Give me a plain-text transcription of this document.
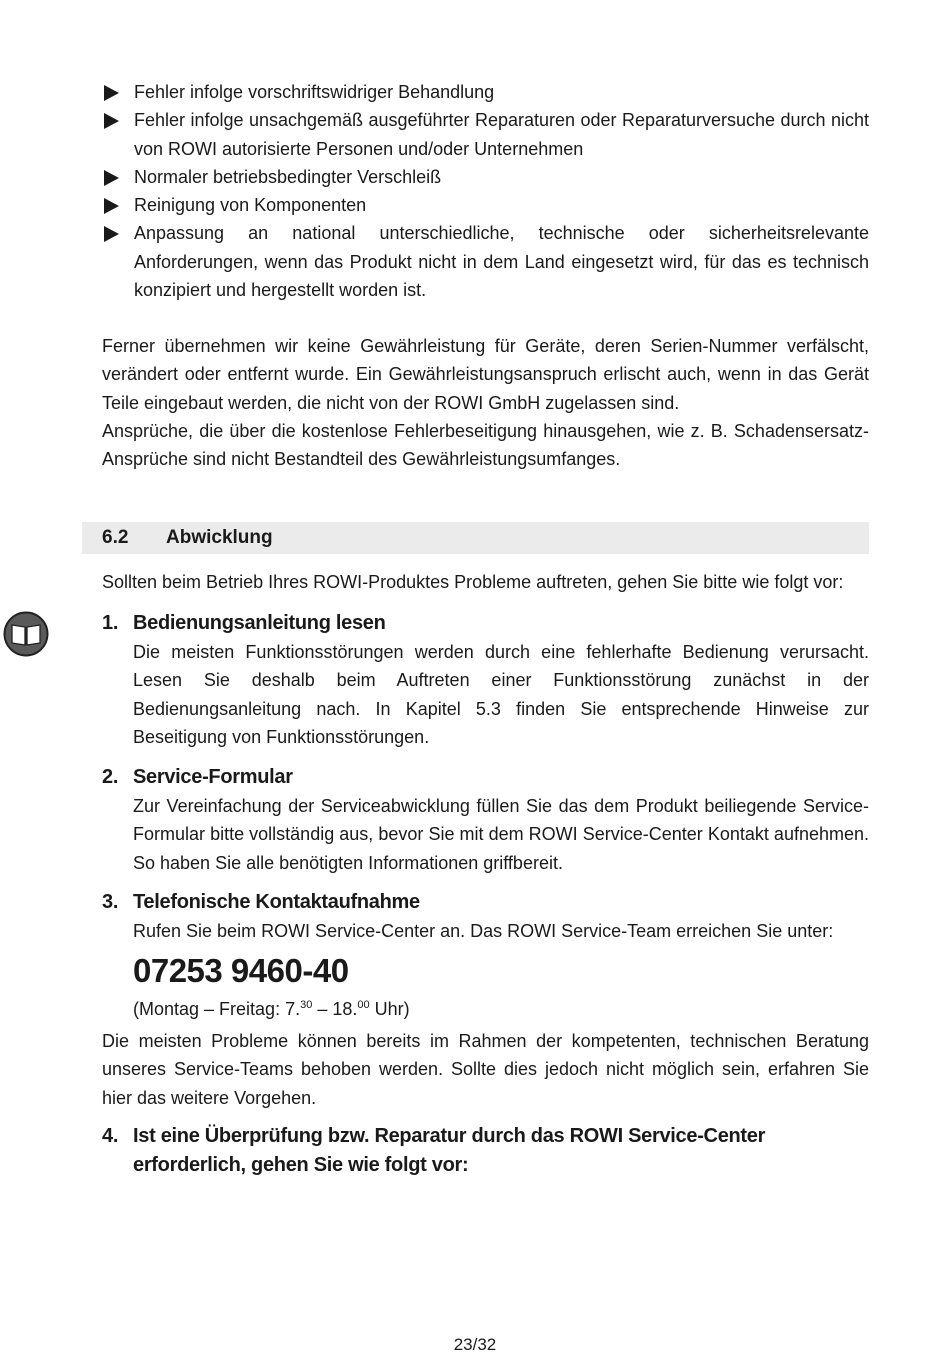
Fehler infolge vorschriftswidriger Behandlung
Fehler infolge unsachgemäß ausgeführter Reparaturen oder Reparaturversuche durch nicht von ROWI autorisierte Personen und/oder Unternehmen
Normaler betriebsbedingter Verschleiß
Reinigung von Komponenten
Anpassung an national unterschiedliche, technische oder sicherheitsrelevante Anforderungen, wenn das Produkt nicht in dem Land eingesetzt wird, für das es technisch konzipiert und hergestellt worden ist.

Ferner übernehmen wir keine Gewährleistung für Geräte, deren Serien-Nummer verfälscht, verändert oder entfernt wurde. Ein Gewährleistungsanspruch erlischt auch, wenn in das Gerät Teile eingebaut werden, die nicht von der ROWI GmbH zugelassen sind.

Ansprüche, die über die kostenlose Fehlerbeseitigung hinausgehen, wie z. B. Schadensersatz-Ansprüche sind nicht Bestandteil des Gewährleistungsumfanges.

6.2 Abwicklung

Sollten beim Betrieb Ihres ROWI-Produktes Probleme auftreten, gehen Sie bitte wie folgt vor:

1. Bedienungsanleitung lesen
Die meisten Funktionsstörungen werden durch eine fehlerhafte Bedienung verursacht. Lesen Sie deshalb beim Auftreten einer Funktionsstörung zunächst in der Bedienungsanleitung nach. In Kapitel 5.3 finden Sie entsprechende Hinweise zur Beseitigung von Funktionsstörungen.
2. Service-Formular
Zur Vereinfachung der Serviceabwicklung füllen Sie das dem Produkt beiliegende Service-Formular bitte vollständig aus, bevor Sie mit dem ROWI Service-Center Kontakt aufnehmen. So haben Sie alle benötigten Informationen griffbereit.
3. Telefonische Kontaktaufnahme
Rufen Sie beim ROWI Service-Center an. Das ROWI Service-Team erreichen Sie unter:
07253 9460-40
(Montag – Freitag: 7.30 – 18.00 Uhr)

Die meisten Probleme können bereits im Rahmen der kompetenten, technischen Beratung unseres Service-Teams behoben werden. Sollte dies jedoch nicht möglich sein, erfahren Sie hier das weitere Vorgehen.

4. Ist eine Überprüfung bzw. Reparatur durch das ROWI Service-Center erforderlich, gehen Sie wie folgt vor:
23/32
